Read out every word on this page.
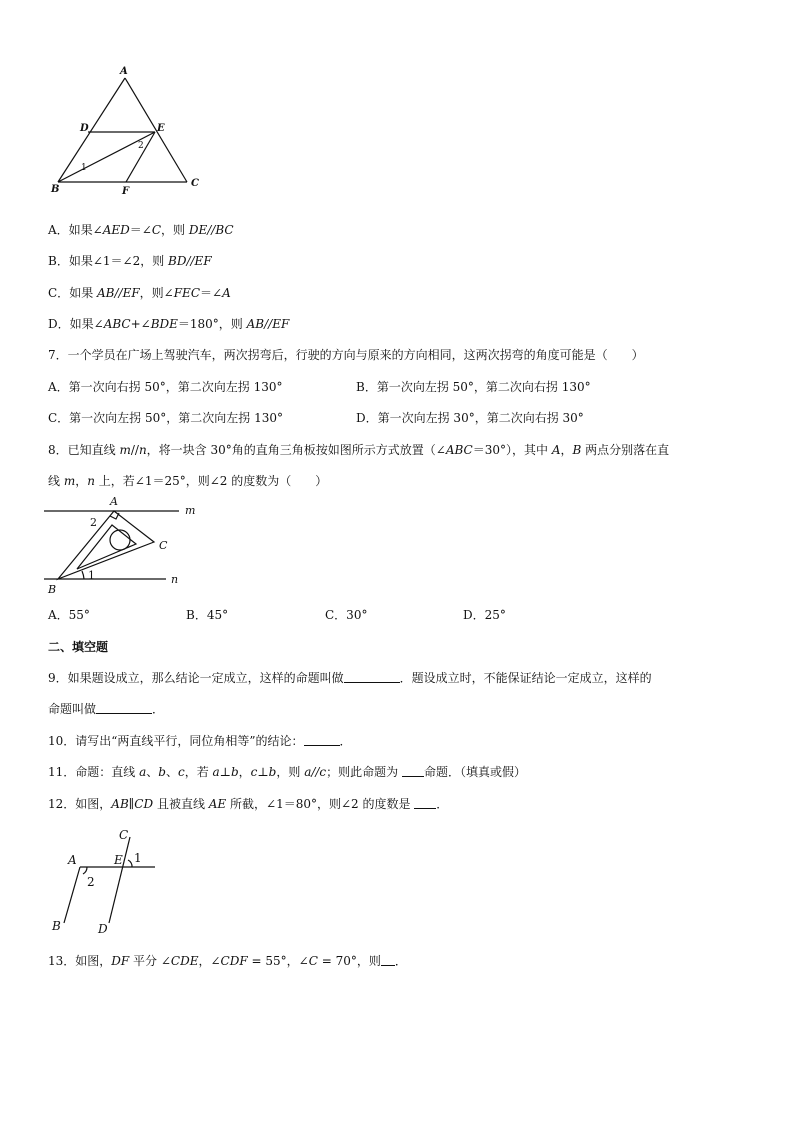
A
D	E
B	F
C
1
2
A．如果∠AED＝∠C，则 DE//BC
B．如果∠1＝∠2，则 BD//EF
C．如果 AB//EF，则∠FEC＝∠A
D．如果∠ABC+∠BDE＝180°，则 AB//EF
7．一个学员在广场上驾驶汽车，两次拐弯后，行驶的方向与原来的方向相同，这两次拐弯的角度可能是（　　）
A．第一次向右拐 50°，第二次向左拐 130°	B．第一次向左拐 50°，第二次向右拐 130°
C．第一次向左拐 50°，第二次向左拐 130°	D．第一次向左拐 30°，第二次向右拐 30°
8．已知直线 m//n，将一块含 30°角的直角三角板按如图所示方式放置（∠ABC＝30°），其中 A，B 两点分别落在直
线 m，n 上，若∠1＝25°，则∠2 的度数为（　　）
A
B
C
m
n
1
2
A．55°	B．45°	C．30°	D．25°
二、填空题
9．如果题设成立，那么结论一定成立，这样的命题叫做	．题设成立时，不能保证结论一定成立，这样的
命题叫做	．
10．请写出“两直线平行，同位角相等”的结论：	．
11．命题：直线 a、b、c，若 a⊥b，c⊥b，则 a//c；则此命题为 命题．（填真或假）
12．如图，AB∥CD 且被直线 AE 所截，∠1＝80°，则∠2 的度数是 ．
A
B
C
D
E 1
2
13．如图，DF 平分 ∠CDE，∠CDF = 55°，∠C = 70°，则 ．
